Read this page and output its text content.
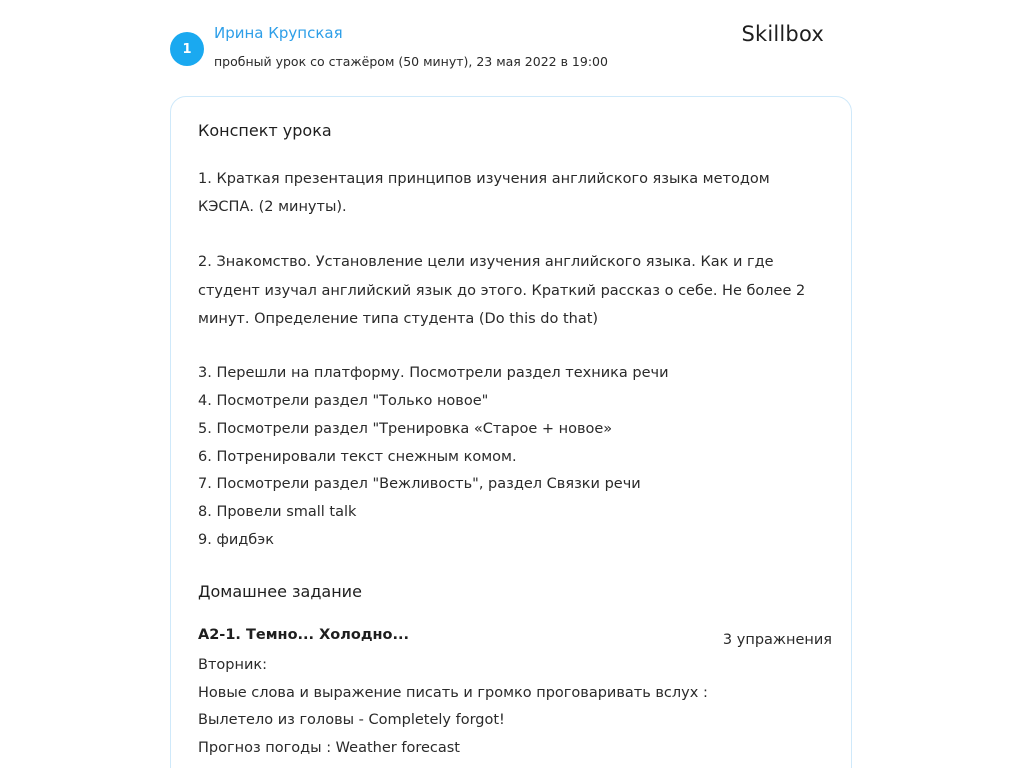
1
Ирина Крупская
пробный урок со стажёром (50 минут), 23 мая 2022 в 19:00
Skillbox
Конспект урока
1. Краткая презентация принципов изучения английского языка методом
КЭСПА. (2 минуты).
2. Знакомство. Установление цели изучения английского языка. Как и где
студент изучал английский язык до этого. Краткий рассказ о себе. Не более 2
минут. Определение типа студента (Do this do that)
3. Перешли на платформу. Посмотрели раздел техника речи
4. Посмотрели раздел "Только новое"
5. Посмотрели раздел "Тренировка «Старое + новое»
6. Потренировали текст снежным комом.
7. Посмотрели раздел "Вежливость", раздел Связки речи
8. Провели small talk
9. фидбэк
Домашнее задание
A2-1. Темно... Холодно...	3 упражнения
Вторник:
Новые слова и выражение писать и громко проговаривать вслух :
Вылетело из головы - Completely forgot!
Прогноз погоды : Weather forecast
